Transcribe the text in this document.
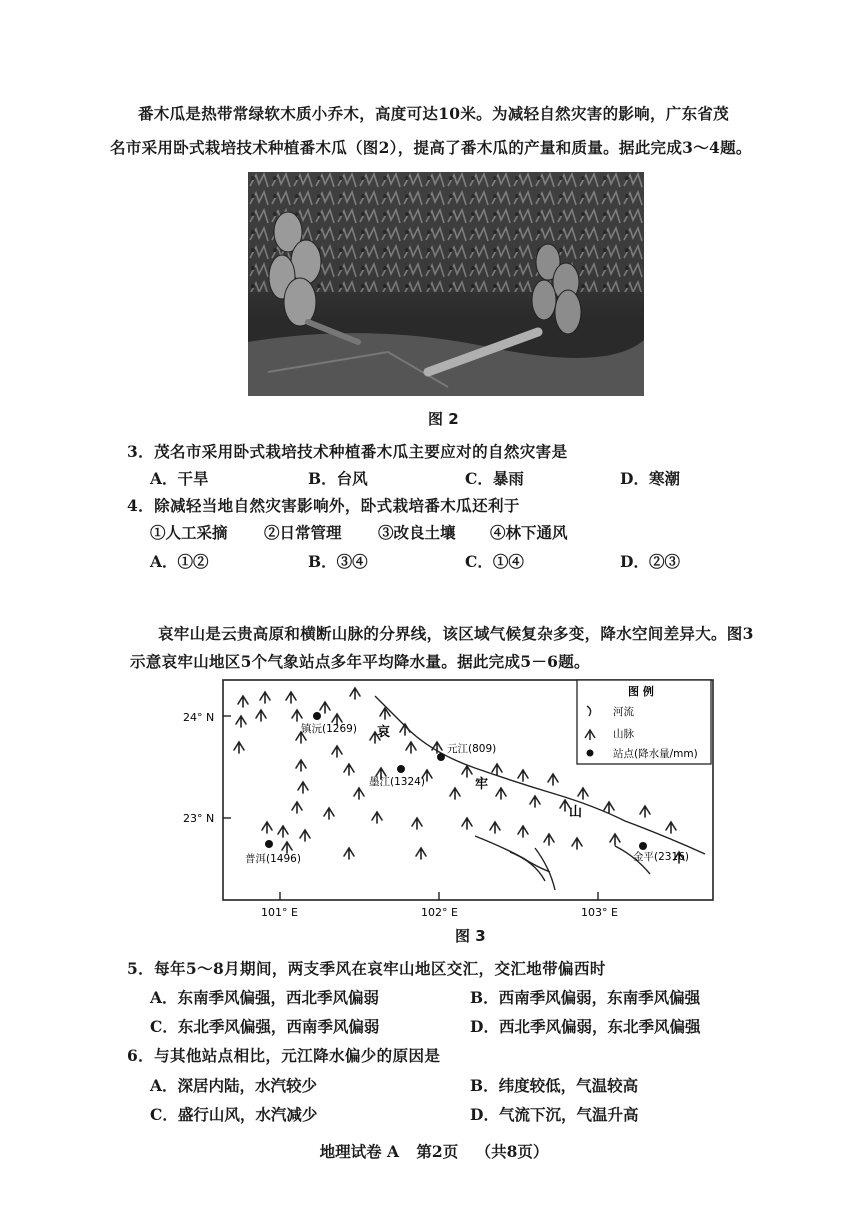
番木瓜是热带常绿软木质小乔木，高度可达10米。为减轻自然灾害的影响，广东省茂
名市采用卧式栽培技术种植番木瓜（图2），提高了番木瓜的产量和质量。据此完成3～4题。
图 2
3．茂名市采用卧式栽培技术种植番木瓜主要应对的自然灾害是
A．干旱	B．台风	C．暴雨	D．寒潮
4．除减轻当地自然灾害影响外，卧式栽培番木瓜还利于
①人工采摘 ②日常管理 ③改良土壤 ④林下通风
A．①②	B．③④	C．①④	D．②③
哀牢山是云贵高原和横断山脉的分界线，该区域气候复杂多变，降水空间差异大。图3
示意哀牢山地区5个气象站点多年平均降水量。据此完成5－6题。
24° N
23° N
101° E	102° E	103° E
哀
牢
山
镇沅(1269)
元江(809)
墨江(1324)
普洱(1496)	金平(2316)
图 例
河流
山脉
站点(降水量/mm)
图 3
5．每年5～8月期间，两支季风在哀牢山地区交汇，交汇地带偏西时
A．东南季风偏强，西北季风偏弱	B．西南季风偏弱，东南季风偏强
C．东北季风偏强，西南季风偏弱	D．西北季风偏弱，东北季风偏强
6．与其他站点相比，元江降水偏少的原因是
A．深居内陆，水汽较少	B．纬度较低，气温较高
C．盛行山风，水汽减少	D．气流下沉，气温升高
地理试卷 A 第2页 （共8页）
